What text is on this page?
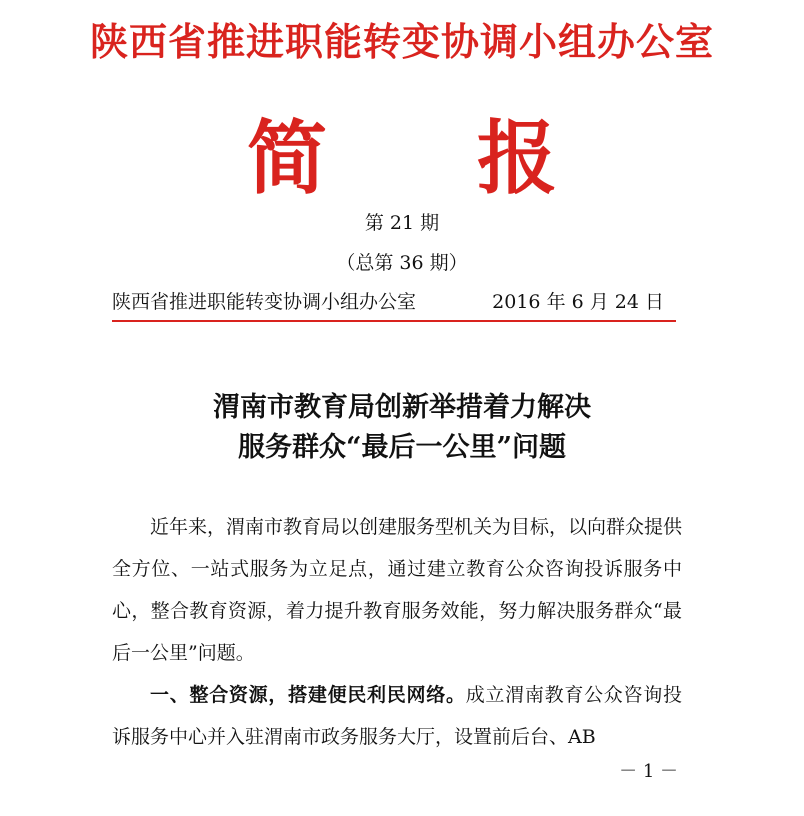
陕西省推进职能转变协调小组办公室
简 报
第 21 期
（总第 36 期）
陕西省推进职能转变协调小组办公室	2016 年 6 月 24 日
渭南市教育局创新举措着力解决
服务群众“最后一公里”问题
近年来，渭南市教育局以创建服务型机关为目标，以向群众提供全方位、一站式服务为立足点，通过建立教育公众咨询投诉服务中心，整合教育资源，着力提升教育服务效能，努力解决服务群众“最后一公里”问题。
一、整合资源，搭建便民利民网络。成立渭南教育公众咨询投诉服务中心并入驻渭南市政务服务大厅，设置前后台、AB
－ 1 －
